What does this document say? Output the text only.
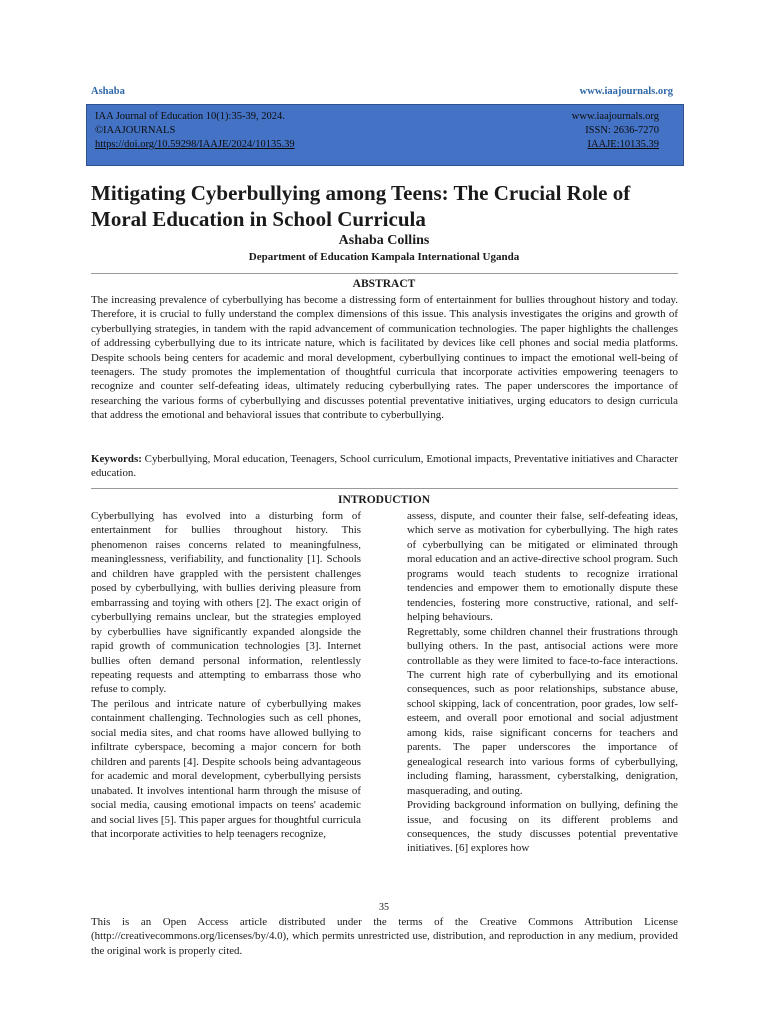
Ashaba	www.iaajournals.org
IAA Journal of Education 10(1):35-39, 2024.
©IAAJOURNALS
https://doi.org/10.59298/IAAJE/2024/10135.39
www.iaajournals.org
ISSN: 2636-7270
IAAJE:10135.39
Mitigating Cyberbullying among Teens: The Crucial Role of Moral Education in School Curricula
Ashaba Collins
Department of Education Kampala International Uganda
ABSTRACT
The increasing prevalence of cyberbullying has become a distressing form of entertainment for bullies throughout history and today. Therefore, it is crucial to fully understand the complex dimensions of this issue. This analysis investigates the origins and growth of cyberbullying strategies, in tandem with the rapid advancement of communication technologies. The paper highlights the challenges of addressing cyberbullying due to its intricate nature, which is facilitated by devices like cell phones and social media platforms. Despite schools being centers for academic and moral development, cyberbullying continues to impact the emotional well-being of teenagers. The study promotes the implementation of thoughtful curricula that incorporate activities empowering teenagers to recognize and counter self-defeating ideas, ultimately reducing cyberbullying rates. The paper underscores the importance of researching the various forms of cyberbullying and discusses potential preventative initiatives, urging educators to design curricula that address the emotional and behavioral issues that contribute to cyberbullying.
Keywords: Cyberbullying, Moral education, Teenagers, School curriculum, Emotional impacts, Preventative initiatives and Character education.
INTRODUCTION

Cyberbullying has evolved into a disturbing form of entertainment for bullies throughout history. This phenomenon raises concerns related to meaningfulness, meaninglessness, verifiability, and functionality [1]. Schools and children have grappled with the persistent challenges posed by cyberbullying, with bullies deriving pleasure from embarrassing and toying with others [2]. The exact origin of cyberbullying remains unclear, but the strategies employed by cyberbullies have significantly expanded alongside the rapid growth of communication technologies [3]. Internet bullies often demand personal information, relentlessly repeating requests and attempting to embarrass those who refuse to comply.

The perilous and intricate nature of cyberbullying makes containment challenging. Technologies such as cell phones, social media sites, and chat rooms have allowed bullying to infiltrate cyberspace, becoming a major concern for both children and parents [4]. Despite schools being advantageous for academic and moral development, cyberbullying persists unabated. It involves intentional harm through the misuse of social media, causing emotional impacts on teens' academic and social lives [5]. This paper argues for thoughtful curricula that incorporate activities to help teenagers recognize,

assess, dispute, and counter their false, self-defeating ideas, which serve as motivation for cyberbullying. The high rates of cyberbullying can be mitigated or eliminated through moral education and an active-directive school program. Such programs would teach students to recognize irrational tendencies and empower them to emotionally dispute these tendencies, fostering more constructive, rational, and self-helping behaviours.

Regrettably, some children channel their frustrations through bullying others. In the past, antisocial actions were more controllable as they were limited to face-to-face interactions. The current high rate of cyberbullying and its emotional consequences, such as poor relationships, substance abuse, school skipping, lack of concentration, poor grades, low self-esteem, and overall poor emotional and social adjustment among kids, raise significant concerns for teachers and parents. The paper underscores the importance of genealogical research into various forms of cyberbullying, including flaming, harassment, cyberstalking, denigration, masquerading, and outing.

Providing background information on bullying, defining the issue, and focusing on its different problems and consequences, the study discusses potential preventative initiatives. [6] explores how

35
This is an Open Access article distributed under the terms of the Creative Commons Attribution License (http://creativecommons.org/licenses/by/4.0), which permits unrestricted use, distribution, and reproduction in any medium, provided the original work is properly cited.
